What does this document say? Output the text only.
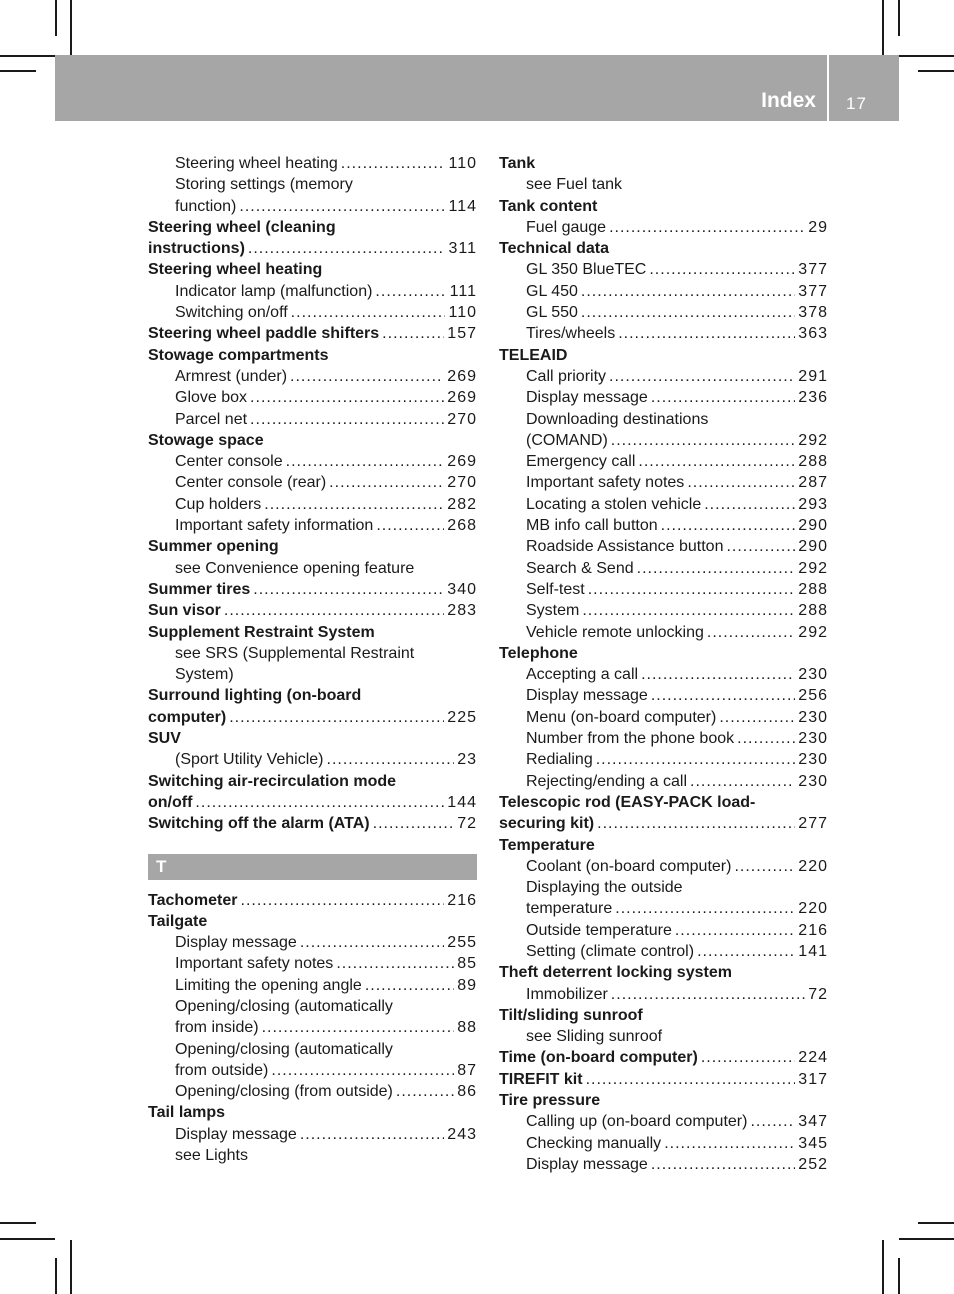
Index 17
Steering wheel heating .....	110
Storing settings (memory
function) .....	114
Steering wheel (cleaning
instructions) .....	311
Steering wheel heating
Indicator lamp (malfunction) .....	111
Switching on/off .....	110
Steering wheel paddle shifters .....	157
Stowage compartments
Armrest (under) .....	269
Glove box .....	269
Parcel net .....	270
Stowage space
Center console .....	269
Center console (rear) .....	270
Cup holders .....	282
Important safety information .....	268
Summer opening
see Convenience opening feature
Summer tires .....	340
Sun visor .....	283
Supplement Restraint System
see SRS (Supplemental Restraint
System)
Surround lighting (on-board
computer) .....	225
SUV
(Sport Utility Vehicle) .....	23
Switching air-recirculation mode
on/off .....	144
Switching off the alarm (ATA) .....	72
T
Tachometer .....	216
Tailgate
Display message .....	255
Important safety notes .....	85
Limiting the opening angle .....	89
Opening/closing (automatically
from inside) .....	88
Opening/closing (automatically
from outside) .....	87
Opening/closing (from outside) .....	86
Tail lamps
Display message .....	243
see Lights
Tank
see Fuel tank
Tank content
Fuel gauge .....	29
Technical data
GL 350 BlueTEC .....	377
GL 450 .....	377
GL 550 .....	378
Tires/wheels .....	363
TELEAID
Call priority .....	291
Display message .....	236
Downloading destinations
(COMAND) .....	292
Emergency call .....	288
Important safety notes .....	287
Locating a stolen vehicle .....	293
MB info call button .....	290
Roadside Assistance button .....	290
Search & Send .....	292
Self-test .....	288
System .....	288
Vehicle remote unlocking .....	292
Telephone
Accepting a call .....	230
Display message .....	256
Menu (on-board computer) .....	230
Number from the phone book .....	230
Redialing .....	230
Rejecting/ending a call .....	230
Telescopic rod (EASY-PACK load-
securing kit) .....	277
Temperature
Coolant (on-board computer) .....	220
Displaying the outside
temperature .....	220
Outside temperature .....	216
Setting (climate control) .....	141
Theft deterrent locking system
Immobilizer .....	72
Tilt/sliding sunroof
see Sliding sunroof
Time (on-board computer) .....	224
TIREFIT kit .....	317
Tire pressure
Calling up (on-board computer) .....	347
Checking manually .....	345
Display message .....	252
